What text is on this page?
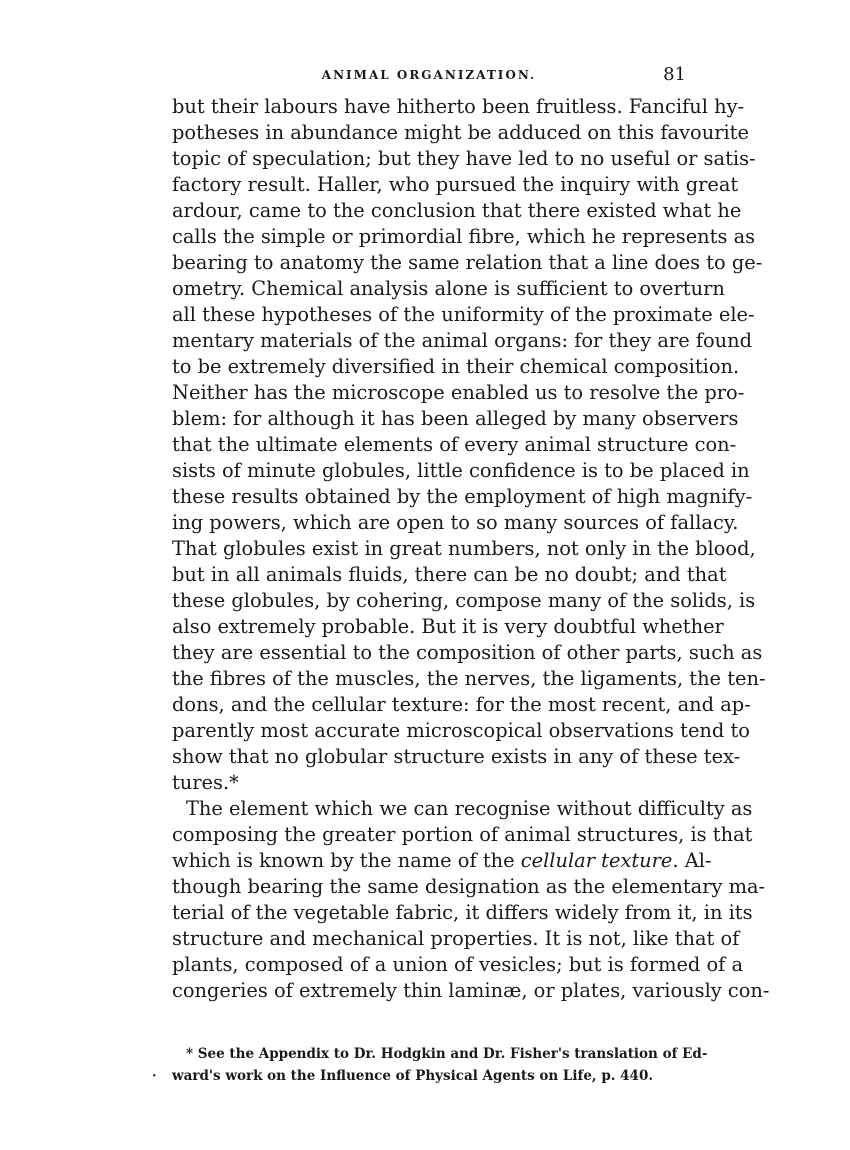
ANIMAL ORGANIZATION.	81
but their labours have hitherto been fruitless. Fanciful hy-
potheses in abundance might be adduced on this favourite
topic of speculation; but they have led to no useful or satis-
factory result. Haller, who pursued the inquiry with great
ardour, came to the conclusion that there existed what he
calls the simple or primordial fibre, which he represents as
bearing to anatomy the same relation that a line does to ge-
ometry. Chemical analysis alone is sufficient to overturn
all these hypotheses of the uniformity of the proximate ele-
mentary materials of the animal organs: for they are found
to be extremely diversified in their chemical composition.
Neither has the microscope enabled us to resolve the pro-
blem: for although it has been alleged by many observers
that the ultimate elements of every animal structure con-
sists of minute globules, little confidence is to be placed in
these results obtained by the employment of high magnify-
ing powers, which are open to so many sources of fallacy.
That globules exist in great numbers, not only in the blood,
but in all animals fluids, there can be no doubt; and that
these globules, by cohering, compose many of the solids, is
also extremely probable. But it is very doubtful whether
they are essential to the composition of other parts, such as
the fibres of the muscles, the nerves, the ligaments, the ten-
dons, and the cellular texture: for the most recent, and ap-
parently most accurate microscopical observations tend to
show that no globular structure exists in any of these tex-
tures.*
The element which we can recognise without difficulty as
composing the greater portion of animal structures, is that
which is known by the name of the cellular texture. Al-
though bearing the same designation as the elementary ma-
terial of the vegetable fabric, it differs widely from it, in its
structure and mechanical properties. It is not, like that of
plants, composed of a union of vesicles; but is formed of a
congeries of extremely thin laminæ, or plates, variously con-
·
* See the Appendix to Dr. Hodgkin and Dr. Fisher's translation of Ed-
ward's work on the Influence of Physical Agents on Life, p. 440.
